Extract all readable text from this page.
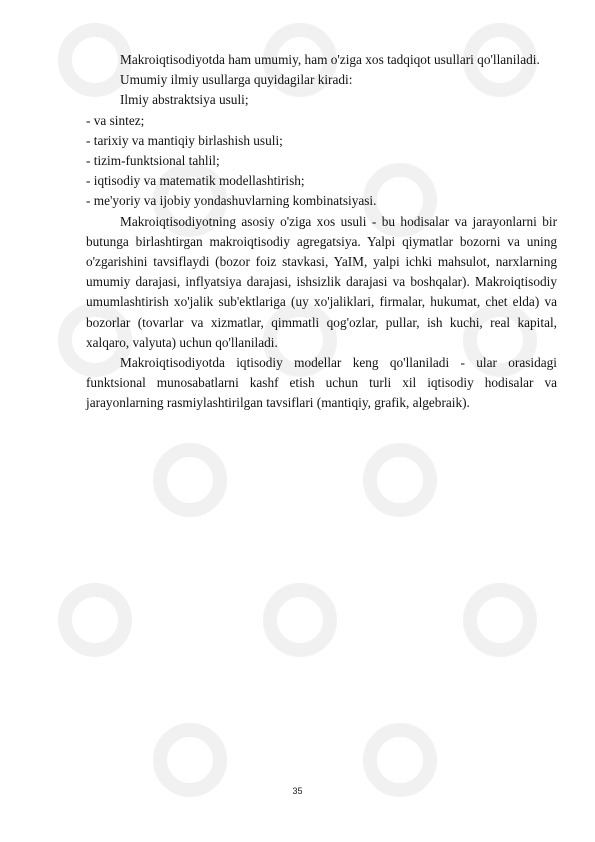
Makroiqtisodiyotda ham umumiy, ham o'ziga xos tadqiqot usullari qo'llaniladi.

Umumiy ilmiy usullarga quyidagilar kiradi:

Ilmiy abstraktsiya usuli;

- va sintez;

- tarixiy va mantiqiy birlashish usuli;

- tizim-funktsional tahlil;

- iqtisodiy va matematik modellashtirish;

- me'yoriy va ijobiy yondashuvlarning kombinatsiyasi.

Makroiqtisodiyotning asosiy o'ziga xos usuli - bu hodisalar va jarayonlarni bir butunga birlashtirgan makroiqtisodiy agregatsiya. Yalpi qiymatlar bozorni va uning o'zgarishini tavsiflaydi (bozor foiz stavkasi, YaIM, yalpi ichki mahsulot, narxlarning umumiy darajasi, inflyatsiya darajasi, ishsizlik darajasi va boshqalar). Makroiqtisodiy umumlashtirish xo'jalik sub'ektlariga (uy xo'jaliklari, firmalar, hukumat, chet elda) va bozorlar (tovarlar va xizmatlar, qimmatli qog'ozlar, pullar, ish kuchi, real kapital, xalqaro, valyuta) uchun qo'llaniladi.

Makroiqtisodiyotda iqtisodiy modellar keng qo'llaniladi - ular orasidagi funktsional munosabatlarni kashf etish uchun turli xil iqtisodiy hodisalar va jarayonlarning rasmiylashtirilgan tavsiflari (mantiqiy, grafik, algebraik).

35
